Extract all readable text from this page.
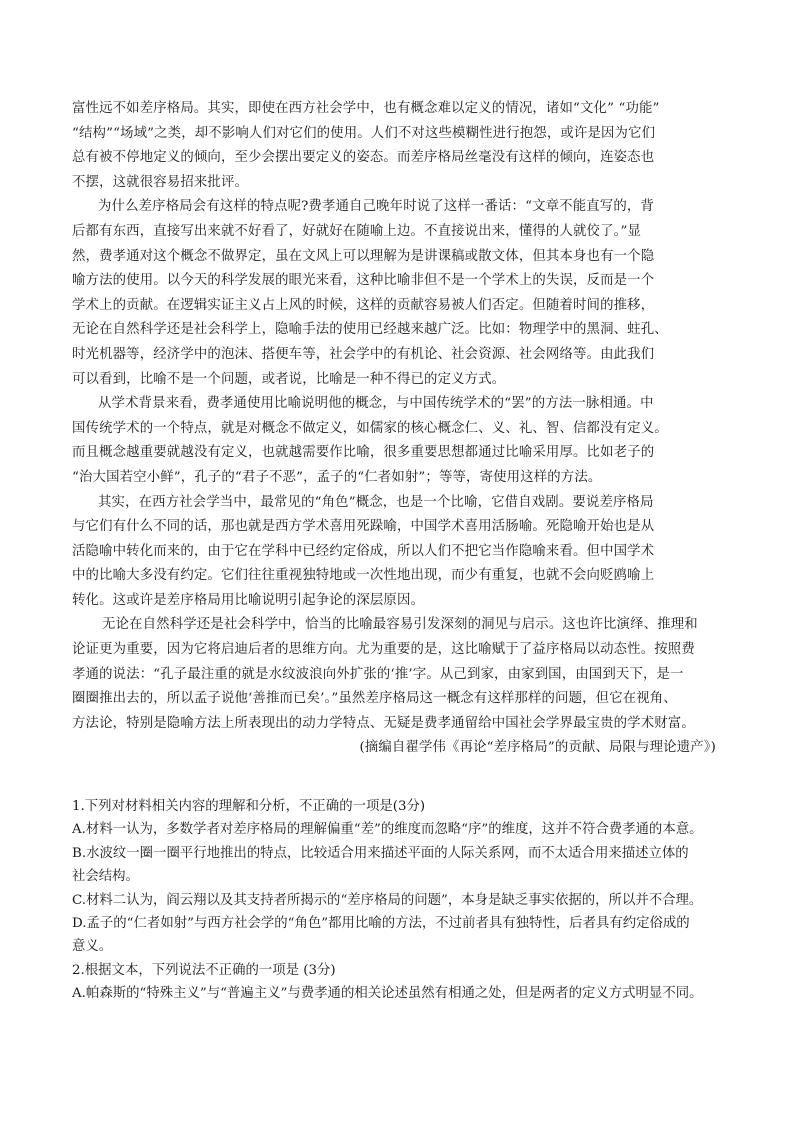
富性远不如差序格局。其实，即使在西方社会学中，也有概念难以定义的情况，诸如“文化” “功能”
“结构”“场域”之类，却不影响人们对它们的使用。人们不对这些模糊性进行抱怨，或许是因为它们
总有被不停地定义的倾向，至少会摆出要定义的姿态。而差序格局丝毫没有这样的倾向，连姿态也
不摆，这就很容易招来批评。
为什么差序格局会有这样的特点呢?费孝通自己晚年时说了这样一番话：“文章不能直写的，背
后都有东西，直接写出来就不好看了，好就好在随喻上边。不直接说出来，懂得的人就佼了。”显
然，费孝通对这个概念不做界定，虽在文风上可以理解为是讲课稿或散文体，但其本身也有一个隐
喻方法的使用。以今天的科学发展的眼光来看，这种比喻非但不是一个学术上的失误，反而是一个
学术上的贡献。在逻辑实证主义占上风的时候，这样的贡献容易被人们否定。但随着时间的推移，
无论在自然科学还是社会科学上，隐喻手法的使用已经越来越广泛。比如：物理学中的黑洞、蛀孔、
时光机器等，经济学中的泡沫、搭便车等，社会学中的有机论、社会资源、社会网络等。由此我们
可以看到，比喻不是一个问题，或者说，比喻是一种不得已的定义方式。
从学术背景来看，费孝通使用比喻说明他的概念，与中国传统学术的“罢”的方法一脉相通。中
国传统学术的一个特点，就是对概念不做定义，如儒家的核心概念仁、义、礼、智、信都没有定义。
而且概念越重要就越没有定义，也就越需要作比喻，很多重要思想都通过比喻采用厚。比如老子的
“治大国若空小鲜”，孔子的“君子不恶”，孟子的“仁者如射”；等等，寄使用这样的方法。
其实，在西方社会学当中，最常见的“角色”概念，也是一个比喻，它借自戏剧。要说差序格局
与它们有什么不同的话，那也就是西方学术喜用死跺喻，中国学术喜用活肠喻。死隐喻开始也是从
活隐喻中转化而来的，由于它在学科中已经约定俗成，所以人们不把它当作隐喻来看。但中国学术
中的比喻大多没有约定。它们往往重视独特地或一次性地出现，而少有重复，也就不会向贬鸥喻上
转化。这或许是差序格局用比喻说明引起争论的深层原因。
无论在自然科学还是社会科学中，恰当的比喻最容易引发深刻的洞见与启示。这也许比演绎、推理和
论证更为重要，因为它将启迪后者的思维方向。尤为重要的是，这比喻赋于了益序格局以动态性。按照费
孝通的说法：“孔子最注重的就是水纹波浪向外扩张的‘推’字。从己到家，由家到国，由国到天下，是一
圈圈推出去的，所以孟子说他‘善推而已矣’。”虽然差序格局这一概念有这样那样的问题，但它在视角、
方法论，特别是隐喻方法上所表现出的动力学特点、无疑是费孝通留给中国社会学界最宝贵的学术财富。
(摘编自翟学伟《再论“差序格局”的贡献、局限与理论遗产》)
1.下列对材料相关内容的理解和分析，不正确的一项是(3分)
A.材料一认为，多数学者对差序格局的理解偏重“差”的维度而忽略“序”的维度，这并不符合费孝通的本意。
B.水波纹一圈一圈平行地推出的特点，比较适合用来描述平面的人际关系网，而不太适合用来描述立体的
社会结构。
C.材料二认为，阎云翔以及其支持者所揭示的“差序格局的问题”，本身是缺乏事实依据的，所以并不合理。
D.孟子的“仁者如射”与西方社会学的“角色”都用比喻的方法，不过前者具有独特性，后者具有约定俗成的
意义。
2.根据文本，下列说法不正确的一项是 (3分)
A.帕森斯的“特殊主义”与“普遍主义”与费孝通的相关论述虽然有相通之处，但是两者的定义方式明显不同。
